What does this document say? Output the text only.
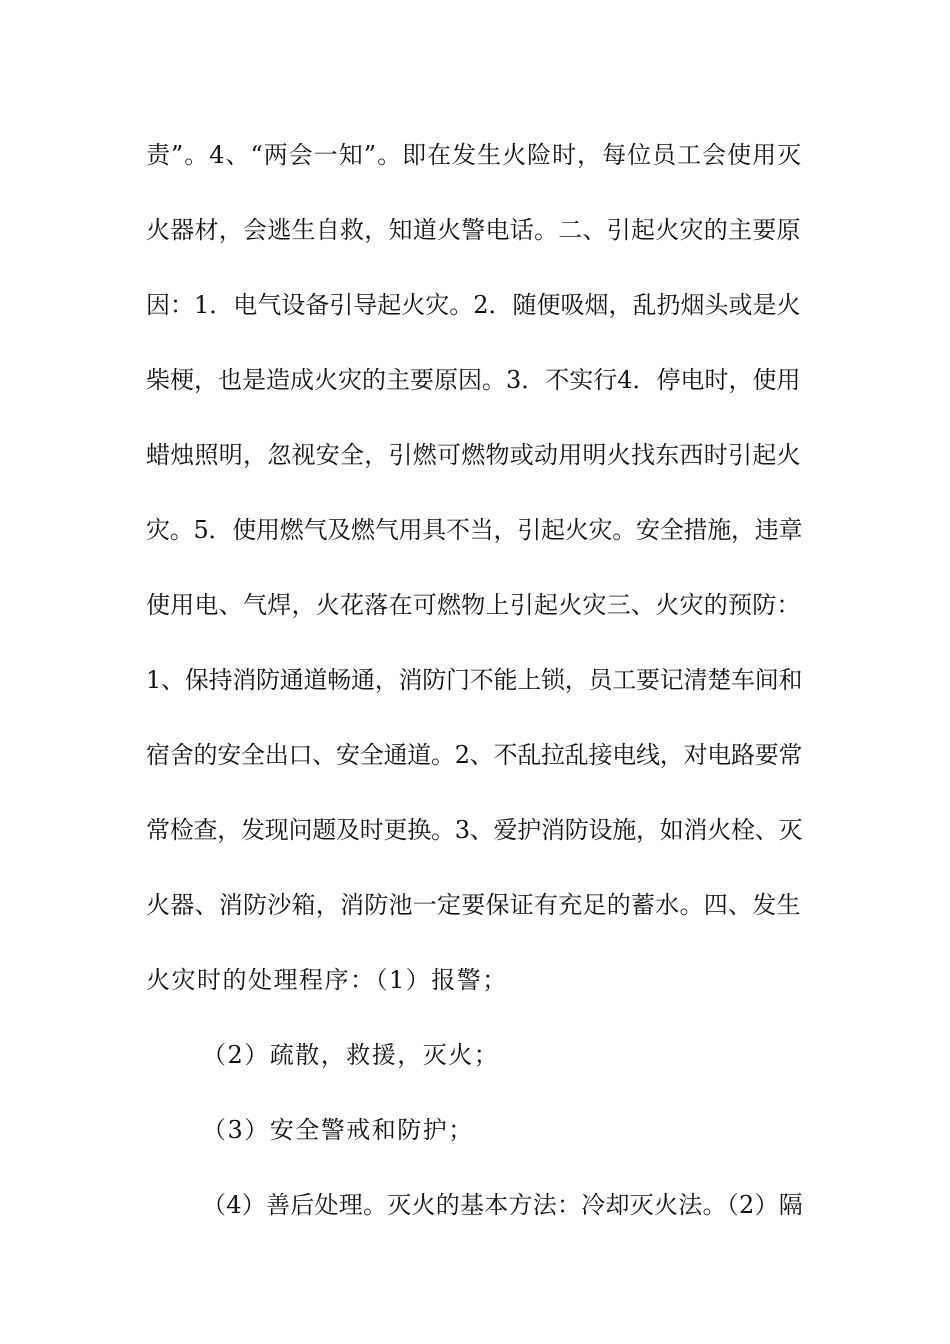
责”。4、“两会一知”。即在发生火险时，每位员工会使用灭
火器材，会逃生自救，知道火警电话。二、引起火灾的主要原
因：1．电气设备引导起火灾。2．随便吸烟，乱扔烟头或是火
柴梗，也是造成火灾的主要原因。3．不实行4．停电时，使用
蜡烛照明，忽视安全，引燃可燃物或动用明火找东西时引起火
灾。5．使用燃气及燃气用具不当，引起火灾。安全措施，违章
使用电、气焊，火花落在可燃物上引起火灾三、火灾的预防：
1、保持消防通道畅通，消防门不能上锁，员工要记清楚车间和
宿舍的安全出口、安全通道。2、不乱拉乱接电线，对电路要常
常检查，发现问题及时更换。3、爱护消防设施，如消火栓、灭
火器、消防沙箱，消防池一定要保证有充足的蓄水。四、发生
火灾时的处理程序：（1）报警；
（2）疏散，救援，灭火；
（3）安全警戒和防护；
（4）善后处理。灭火的基本方法：冷却灭火法。（2）隔
